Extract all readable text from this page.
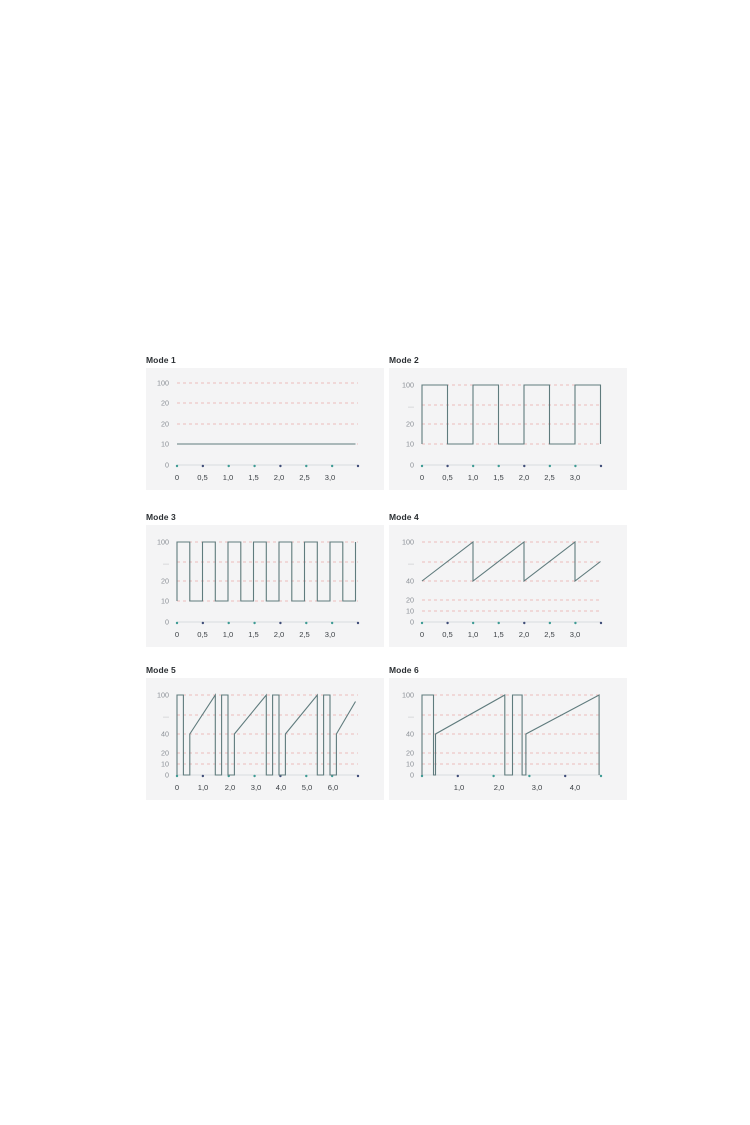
Mode 1
0
10
20
20
100
0 0,5 1,0 1,5 2,0 2,5 3,0
Mode 2
0
10
20
...
100
0 0,5 1,0 1,5 2,0 2,5 3,0
Mode 3
0
10
20
...
100
0 0,5 1,0 1,5 2,0 2,5 3,0
Mode 4
0
10
20
40
...
100
0 0,5 1,0 1,5 2,0 2,5 3,0
Mode 5
0
10
20
40
...
100
0 1,0 2,0 3,0 4,0 5,0 6,0
Mode 6
0
10
20
40
...
100
1,0	2,0	3,0	4,0
